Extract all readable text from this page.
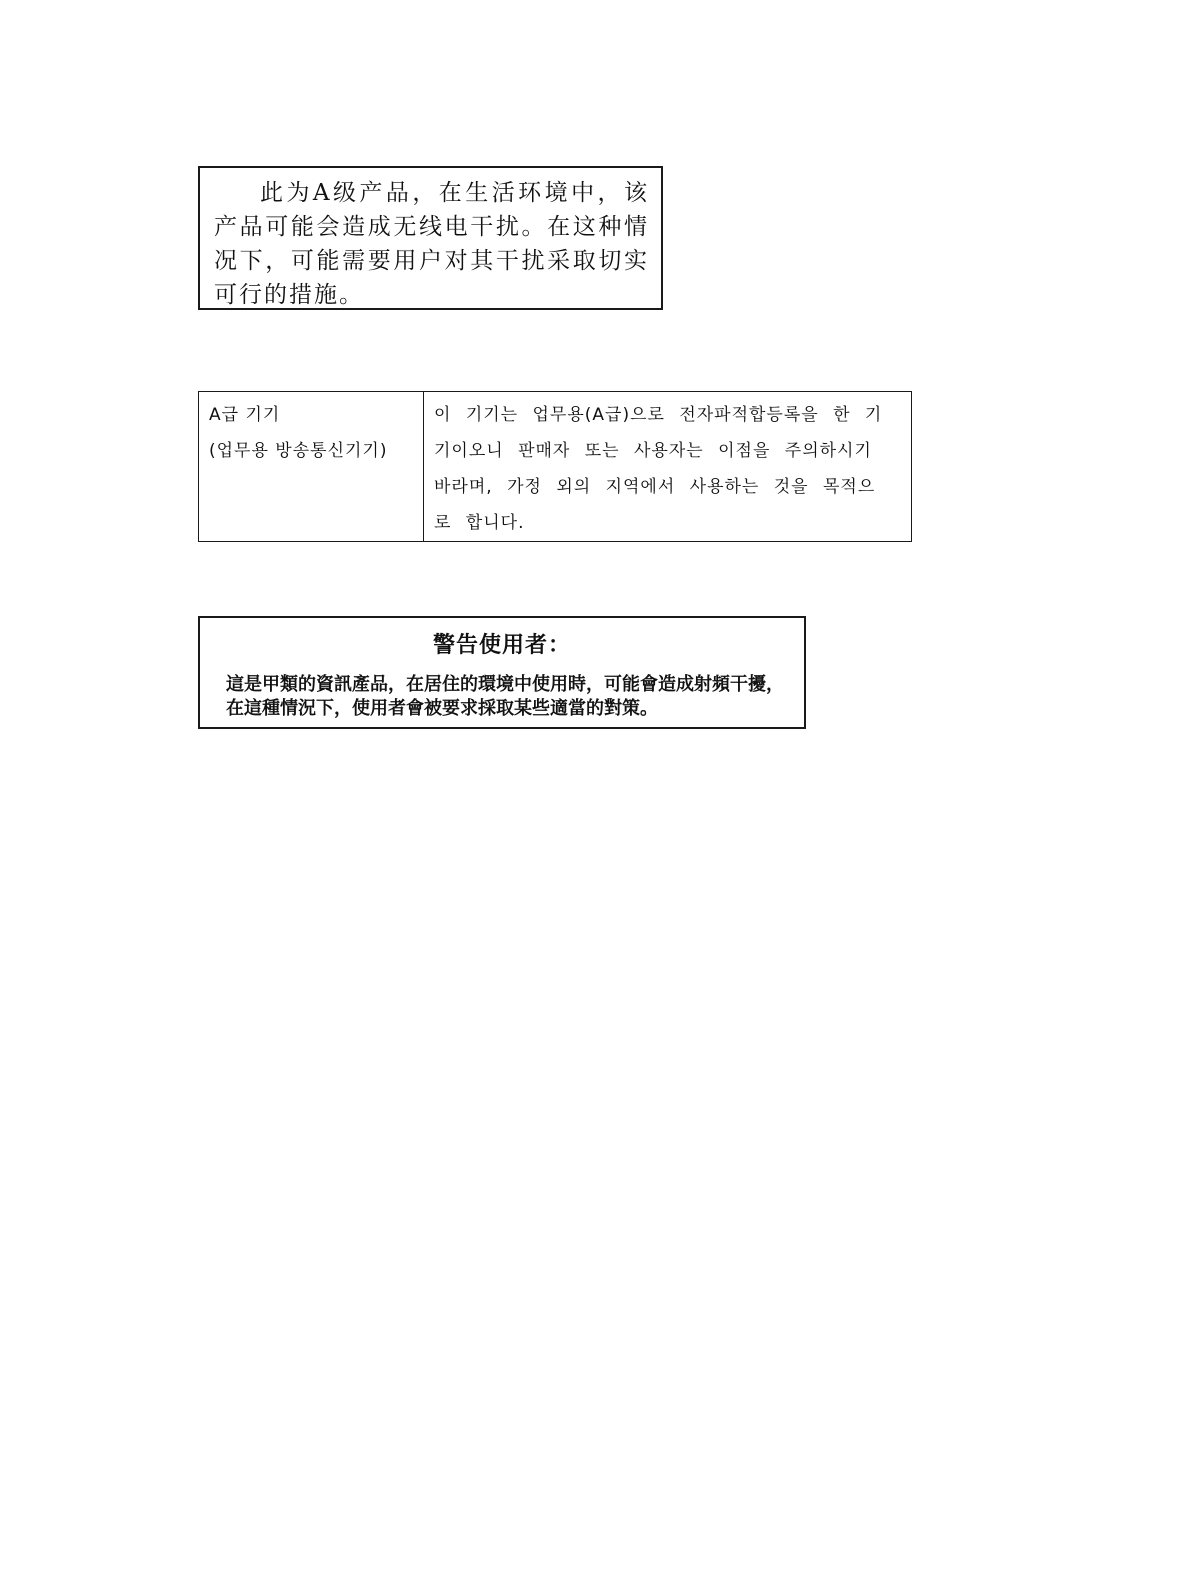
此为A级产品，在生活环境中，该产品可能会造成无线电干扰。在这种情况下，可能需要用户对其干扰采取切实可行的措施。

A급 기기
(업무용 방송통신기기)

이 기기는 업무용(A급)으로 전자파적합등록을 한 기
기이오니 판매자 또는 사용자는 이점을 주의하시기
바라며, 가정 외의 지역에서 사용하는 것을 목적으
로 합니다.
警告使用者：
這是甲類的資訊產品，在居住的環境中使用時，可能會造成射頻干擾，在這種情況下，使用者會被要求採取某些適當的對策。
